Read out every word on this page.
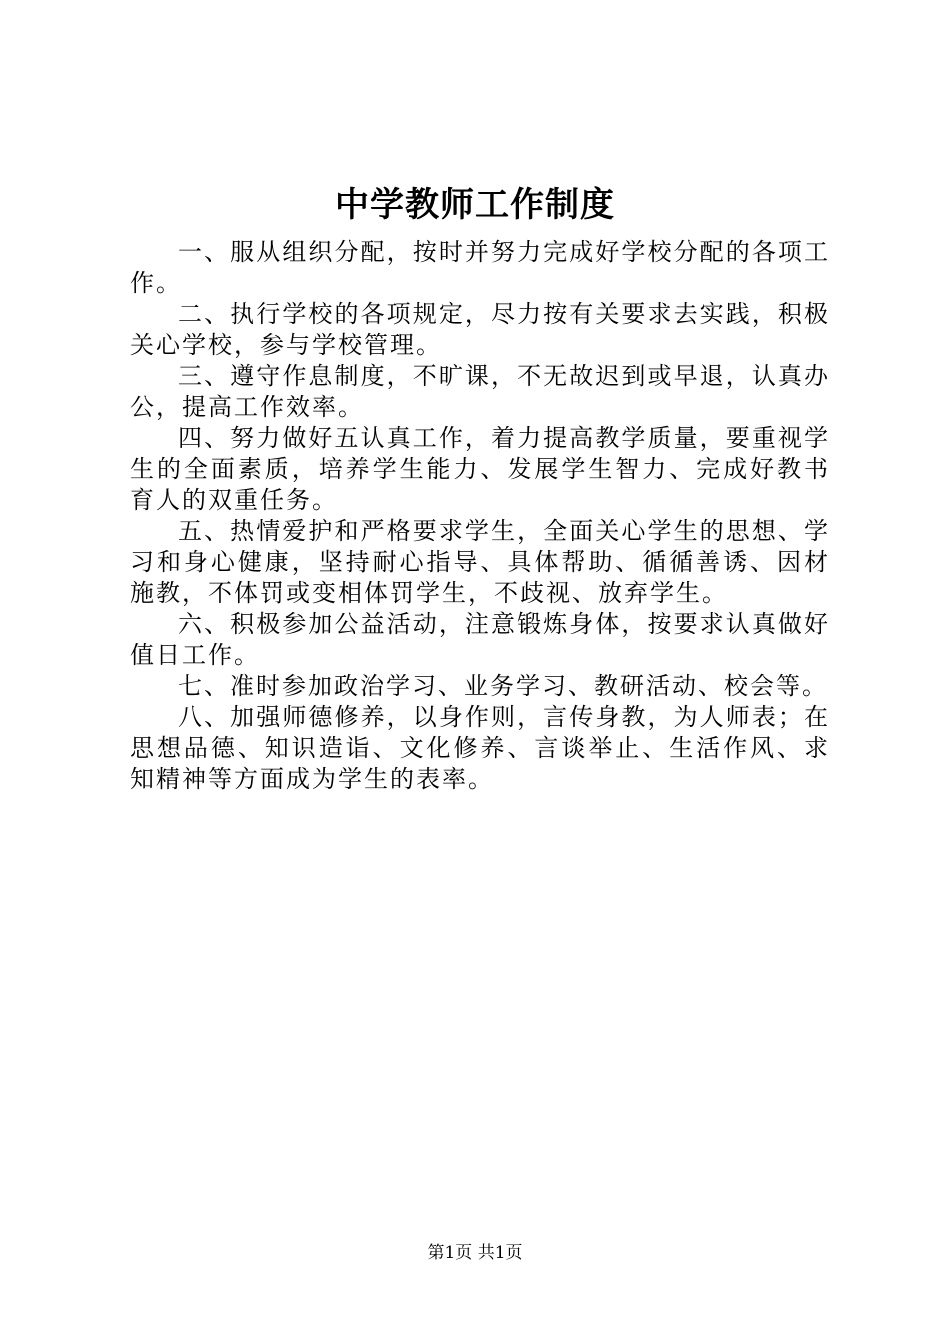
中学教师工作制度

一、服从组织分配，按时并努力完成好学校分配的各项工作。

二、执行学校的各项规定，尽力按有关要求去实践，积极关心学校，参与学校管理。

三、遵守作息制度，不旷课，不无故迟到或早退，认真办公，提高工作效率。

四、努力做好五认真工作，着力提高教学质量，要重视学生的全面素质，培养学生能力、发展学生智力、完成好教书育人的双重任务。

五、热情爱护和严格要求学生，全面关心学生的思想、学习和身心健康，坚持耐心指导、具体帮助、循循善诱、因材施教，不体罚或变相体罚学生，不歧视、放弃学生。

六、积极参加公益活动，注意锻炼身体，按要求认真做好值日工作。

七、准时参加政治学习、业务学习、教研活动、校会等。

八、加强师德修养，以身作则，言传身教，为人师表；在思想品德、知识造诣、文化修养、言谈举止、生活作风、求知精神等方面成为学生的表率。

第1页 共1页
